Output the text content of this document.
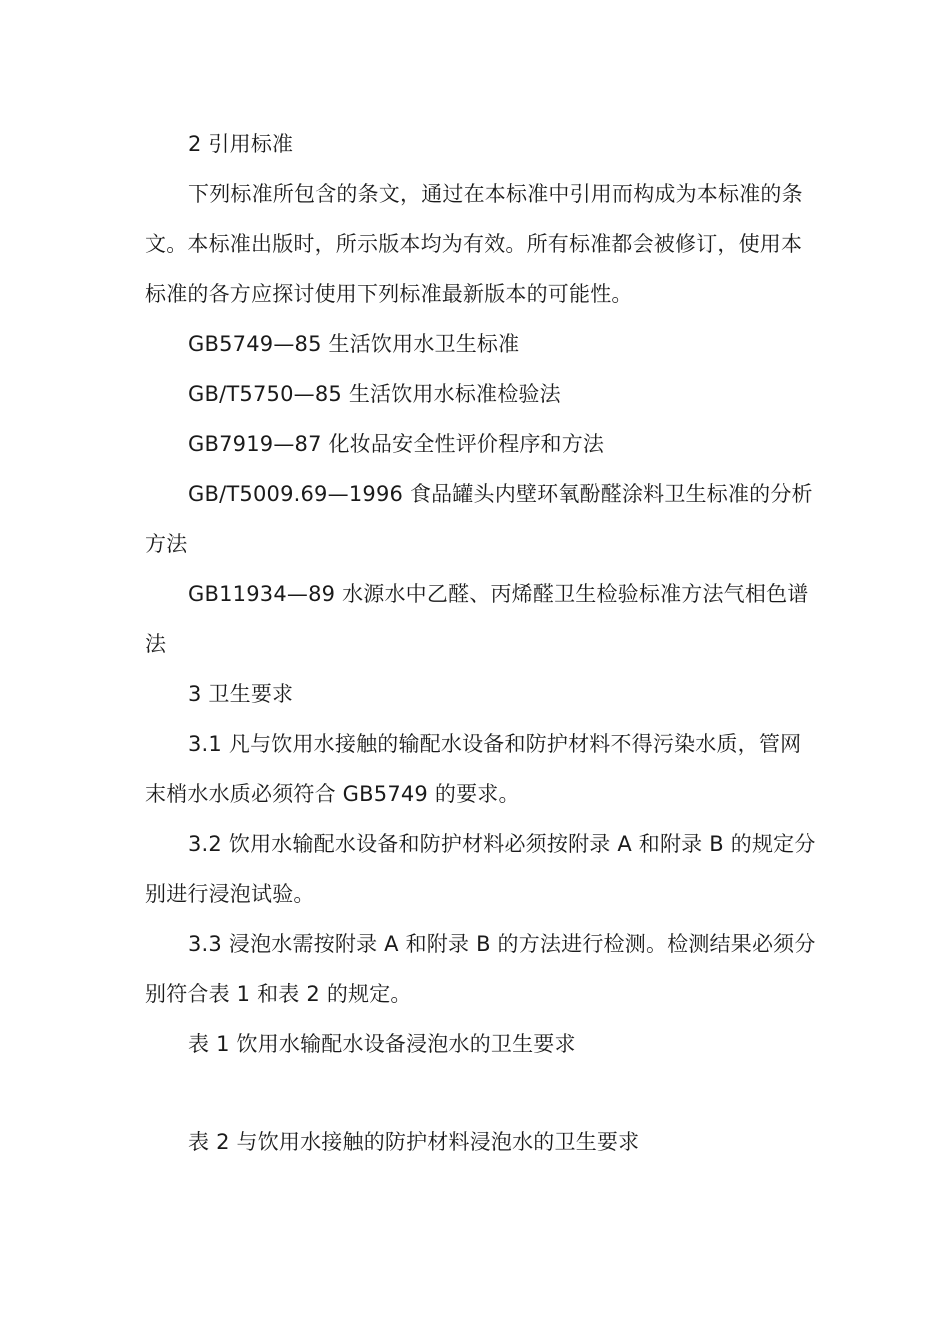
2 引用标准
下列标准所包含的条文，通过在本标准中引用而构成为本标准的条
文。本标准出版时，所示版本均为有效。所有标准都会被修订，使用本
标准的各方应探讨使用下列标准最新版本的可能性。
GB5749—85 生活饮用水卫生标准
GB/T5750—85 生活饮用水标准检验法
GB7919—87 化妆品安全性评价程序和方法
GB/T5009.69—1996 食品罐头内壁环氧酚醛涂料卫生标准的分析
方法
GB11934—89 水源水中乙醛、丙烯醛卫生检验标准方法气相色谱
法
3 卫生要求
3.1 凡与饮用水接触的输配水设备和防护材料不得污染水质，管网
末梢水水质必须符合 GB5749 的要求。
3.2 饮用水输配水设备和防护材料必须按附录 A 和附录 B 的规定分
别进行浸泡试验。
3.3 浸泡水需按附录 A 和附录 B 的方法进行检测。检测结果必须分
别符合表 1 和表 2 的规定。
表 1 饮用水输配水设备浸泡水的卫生要求
表 2 与饮用水接触的防护材料浸泡水的卫生要求
